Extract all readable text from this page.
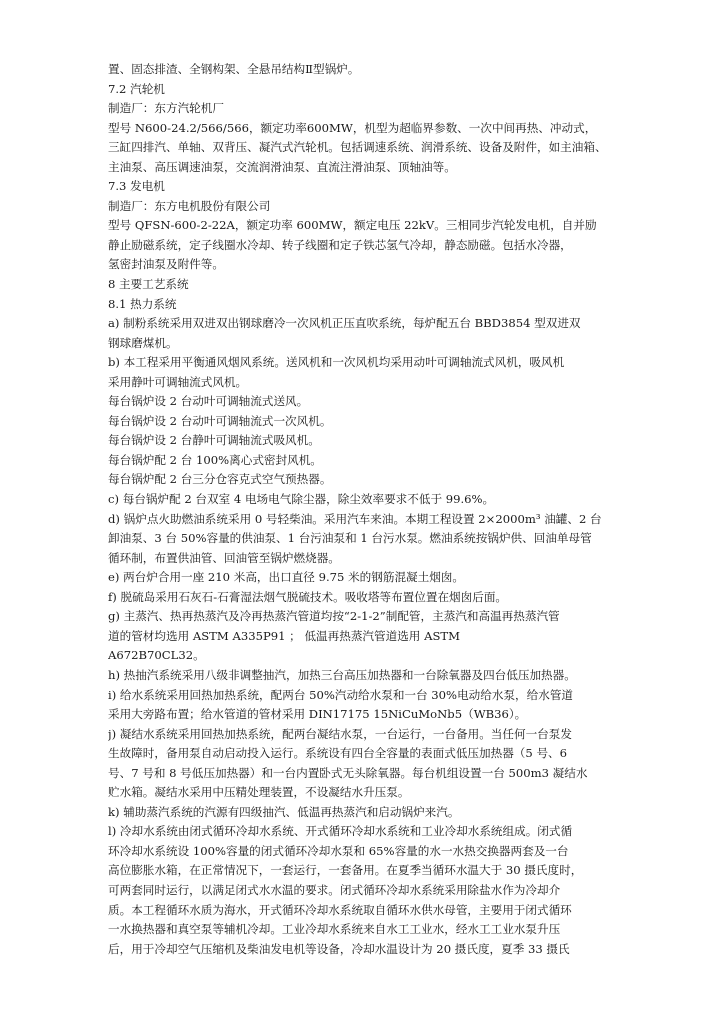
置、固态排渣、全钢构架、全悬吊结构Ⅱ型锅炉。
7.2 汽轮机
制造厂：东方汽轮机厂
型号 N600-24.2/566/566，额定功率600MW，机型为超临界参数、一次中间再热、冲动式，
三缸四排汽、单轴、双背压、凝汽式汽轮机。包括调速系统、润滑系统、设备及附件，如主油箱、
主油泵、高压调速油泵，交流润滑油泵、直流注滑油泵、顶轴油等。
7.3 发电机
制造厂：东方电机股份有限公司
型号 QFSN-600-2-22A，额定功率 600MW，额定电压 22kV。三相同步汽轮发电机，自并励
静止励磁系统，定子线圈水冷却、转子线圈和定子铁芯氢气冷却，静态励磁。包括水冷器，
氢密封油泵及附件等。
8 主要工艺系统
8.1 热力系统
a) 制粉系统采用双进双出钢球磨冷一次风机正压直吹系统，每炉配五台 BBD3854 型双进双
钢球磨煤机。
b) 本工程采用平衡通风烟风系统。送风机和一次风机均采用动叶可调轴流式风机，吸风机
采用静叶可调轴流式风机。
每台锅炉设 2 台动叶可调轴流式送风。
每台锅炉设 2 台动叶可调轴流式一次风机。
每台锅炉设 2 台静叶可调轴流式吸风机。
每台锅炉配 2 台 100%离心式密封风机。
每台锅炉配 2 台三分仓容克式空气预热器。
c) 每台锅炉配 2 台双室 4 电场电气除尘器，除尘效率要求不低于 99.6%。
d) 锅炉点火助燃油系统采用 0 号轻柴油。采用汽车来油。本期工程设置 2×2000m³ 油罐、2 台
卸油泵、3 台 50%容量的供油泵、1 台污油泵和 1 台污水泵。燃油系统按锅炉供、回油单母管
循环制，布置供油管、回油管至锅炉燃烧器。
e) 两台炉合用一座 210 米高，出口直径 9.75 米的钢筋混凝土烟囱。
f) 脱硫岛采用石灰石-石膏湿法烟气脱硫技术。吸收塔等布置位置在烟囱后面。
g) 主蒸汽、热再热蒸汽及冷再热蒸汽管道均按“2-1-2”制配管，主蒸汽和高温再热蒸汽管
道的管材均选用 ASTM A335P91 ； 低温再热蒸汽管道选用 ASTM
A672B70CL32。
h) 热抽汽系统采用八级非调整抽汽，加热三台高压加热器和一台除氧器及四台低压加热器。
i) 给水系统采用回热加热系统，配两台 50%汽动给水泵和一台 30%电动给水泵，给水管道
采用大旁路布置；给水管道的管材采用 DIN17175 15NiCuMoNb5（WB36）。
j) 凝结水系统采用回热加热系统，配两台凝结水泵，一台运行，一台备用。当任何一台泵发
生故障时，备用泵自动启动投入运行。系统设有四台全容量的表面式低压加热器（5 号、6
号、7 号和 8 号低压加热器）和一台内置卧式无头除氧器。每台机组设置一台 500m3 凝结水
贮水箱。凝结水采用中压精处理装置，不设凝结水升压泵。
k) 辅助蒸汽系统的汽源有四级抽汽、低温再热蒸汽和启动锅炉来汽。
l) 冷却水系统由闭式循环冷却水系统、开式循环冷却水系统和工业冷却水系统组成。闭式循
环冷却水系统设 100%容量的闭式循环冷却水泵和 65%容量的水一水热交换器两套及一台
高位膨胀水箱，在正常情况下，一套运行，一套备用。在夏季当循环水温大于 30 摄氏度时，
可两套同时运行，以满足闭式水水温的要求。闭式循环冷却水系统采用除盐水作为冷却介
质。本工程循环水质为海水，开式循环冷却水系统取自循环水供水母管，主要用于闭式循环
一水换热器和真空泵等辅机冷却。工业冷却水系统来自水工工业水，经水工工业水泵升压
后，用于冷却空气压缩机及柴油发电机等设备，冷却水温设计为 20 摄氏度，夏季 33 摄氏
